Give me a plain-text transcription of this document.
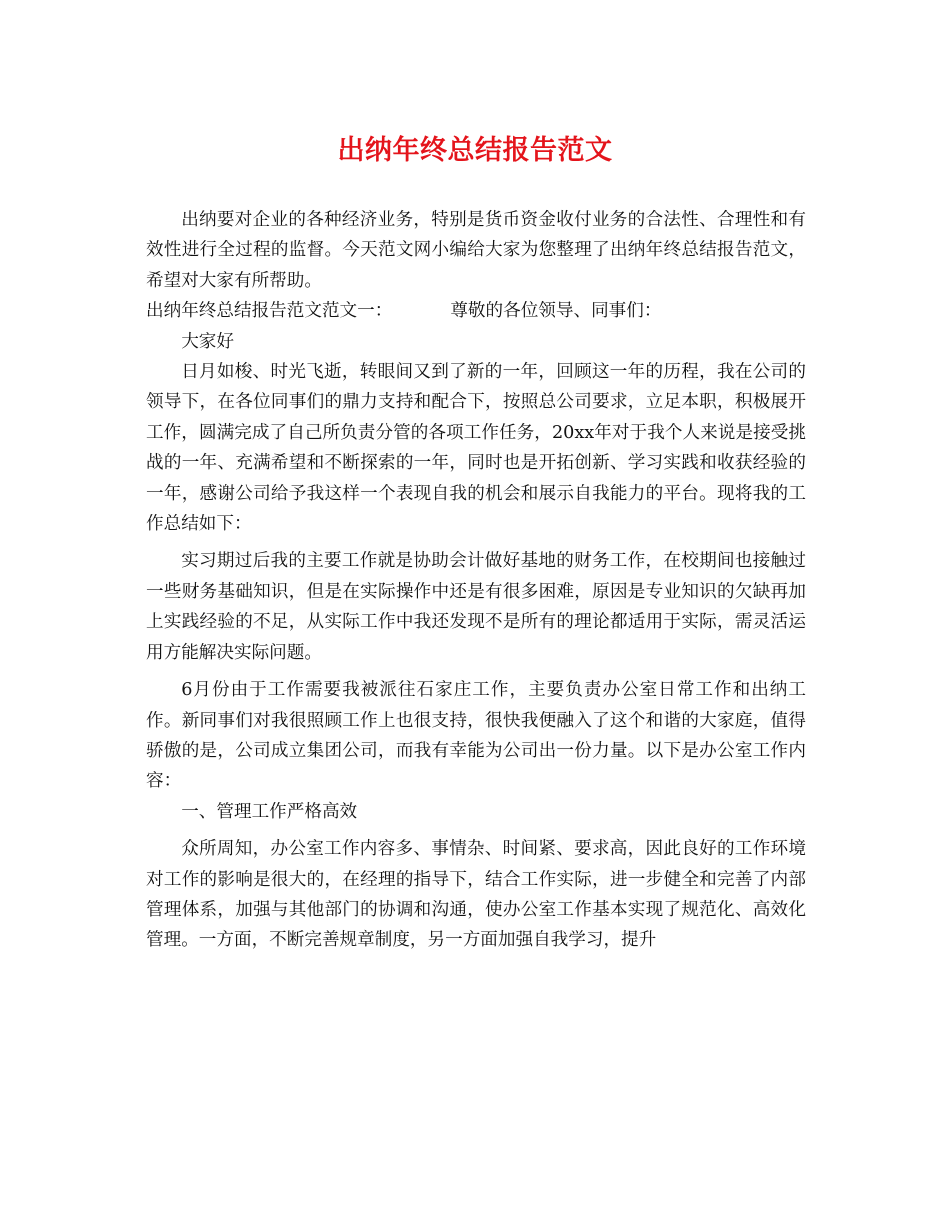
出纳年终总结报告范文

出纳要对企业的各种经济业务，特别是货币资金收付业务的合法性、合理性和有效性进行全过程的监督。今天范文网小编给大家为您整理了出纳年终总结报告范文，希望对大家有所帮助。

出纳年终总结报告范文范文一：	尊敬的各位领导、同事们：

大家好

日月如梭、时光飞逝，转眼间又到了新的一年，回顾这一年的历程，我在公司的领导下，在各位同事们的鼎力支持和配合下，按照总公司要求，立足本职，积极展开工作，圆满完成了自己所负责分管的各项工作任务，20xx年对于我个人来说是接受挑战的一年、充满希望和不断探索的一年，同时也是开拓创新、学习实践和收获经验的一年，感谢公司给予我这样一个表现自我的机会和展示自我能力的平台。现将我的工作总结如下：

实习期过后我的主要工作就是协助会计做好基地的财务工作，在校期间也接触过一些财务基础知识，但是在实际操作中还是有很多困难，原因是专业知识的欠缺再加上实践经验的不足，从实际工作中我还发现不是所有的理论都适用于实际，需灵活运用方能解决实际问题。

6月份由于工作需要我被派往石家庄工作，主要负责办公室日常工作和出纳工作。新同事们对我很照顾工作上也很支持，很快我便融入了这个和谐的大家庭，值得骄傲的是，公司成立集团公司，而我有幸能为公司出一份力量。以下是办公室工作内容：

一、管理工作严格高效

众所周知，办公室工作内容多、事情杂、时间紧、要求高，因此良好的工作环境对工作的影响是很大的，在经理的指导下，结合工作实际，进一步健全和完善了内部管理体系，加强与其他部门的协调和沟通，使办公室工作基本实现了规范化、高效化管理。一方面，不断完善规章制度，另一方面加强自我学习，提升
